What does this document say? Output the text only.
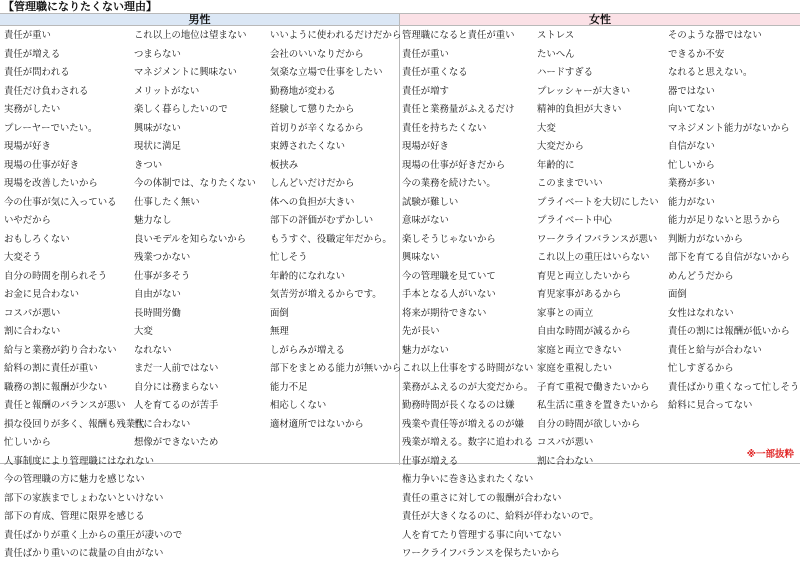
【管理職になりたくない理由】
男性	女性
責任が重い
責任が増える
責任が問われる
責任だけ負わされる
実務がしたい
プレーヤーでいたい。
現場が好き
現場の仕事が好き
現場を改善したいから
今の仕事が気に入っている
いやだから
おもしろくない
大変そう
自分の時間を削られそう
お金に見合わない
コスパが悪い
割に合わない
給与と業務が釣り合わない
給料の割に責任が重い
職務の割に報酬が少ない
責任と報酬のバランスが悪い
損な役回りが多く、報酬も残業代
忙しいから
人事制度により管理職にはなれない
今の管理職の方に魅力を感じない
部下の家族までしょわないといけない
部下の育成、管理に限界を感じる
責任ばかりが重く上からの重圧が凄いので
責任ばかり重いのに裁量の自由がない
これ以上の地位は望まない
つまらない
マネジメントに興味ない
メリットがない
楽しく暮らしたいので
興味がない
現状に満足
きつい
今の体制では、なりたくない
仕事したく無い
魅力なし
良いモデルを知らないから
残業つかない
仕事が多そう
自由がない
長時間労働
大変
なれない
まだ一人前ではない
自分には務まらない
人を育てるのが苦手
性に合わない
想像ができないため
いいように使われるだけだから
会社のいいなりだから
気楽な立場で仕事をしたい
勤務地が変わる
経験して懲りたから
首切りが辛くなるから
束縛されたくない
板挟み
しんどいだけだから
体への負担が大きい
部下の評価がむずかしい
もうすぐ、役職定年だから。
忙しそう
年齢的になれない
気苦労が増えるからです。
面倒
無理
しがらみが増える
部下をまとめる能力が無いから
能力不足
相応しくない
適材適所ではないから
管理職になると責任が重い
責任が重い
責任が重くなる
責任が増す
責任と業務量がふえるだけ
責任を持ちたくない
現場が好き
現場の仕事が好きだから
今の業務を続けたい。
試験が難しい
意味がない
楽しそうじゃないから
興味ない
今の管理職を見ていて
手本となる人がいない
将来が期待できない
先が長い
魅力がない
これ以上仕事をする時間がない
業務がふえるのが大変だから。
勤務時間が長くなるのは嫌
残業や責任等が増えるのが嫌
残業が増える。数字に追われる
仕事が増える
権力争いに巻き込まれたくない
責任の重さに対しての報酬が合わない
責任が大きくなるのに、給料が伴わないので。
人を育てたり管理する事に向いてない
ワークライフバランスを保ちたいから
ストレス
たいへん
ハードすぎる
プレッシャーが大きい
精神的負担が大きい
大変
大変だから
年齢的に
このままでいい
プライベートを大切にしたい
プライベート中心
ワークライフバランスが悪い
これ以上の重圧はいらない
育児と両立したいから
育児家事があるから
家事との両立
自由な時間が減るから
家庭と両立できない
家庭を重視したい
子育て重視で働きたいから
私生活に重きを置きたいから
自分の時間が欲しいから
コスパが悪い
割に合わない
そのような器ではない
できるか不安
なれると思えない。
器ではない
向いてない
マネジメント能力がないから
自信がない
忙しいから
業務が多い
能力がない
能力が足りないと思うから
判断力がないから
部下を育てる自信がないから
めんどうだから
面倒
女性はなれない
責任の割には報酬が低いから
責任と給与が合わない
忙しすぎるから
責任ばかり重くなって忙しそう
給料に見合ってない
※一部抜粋
